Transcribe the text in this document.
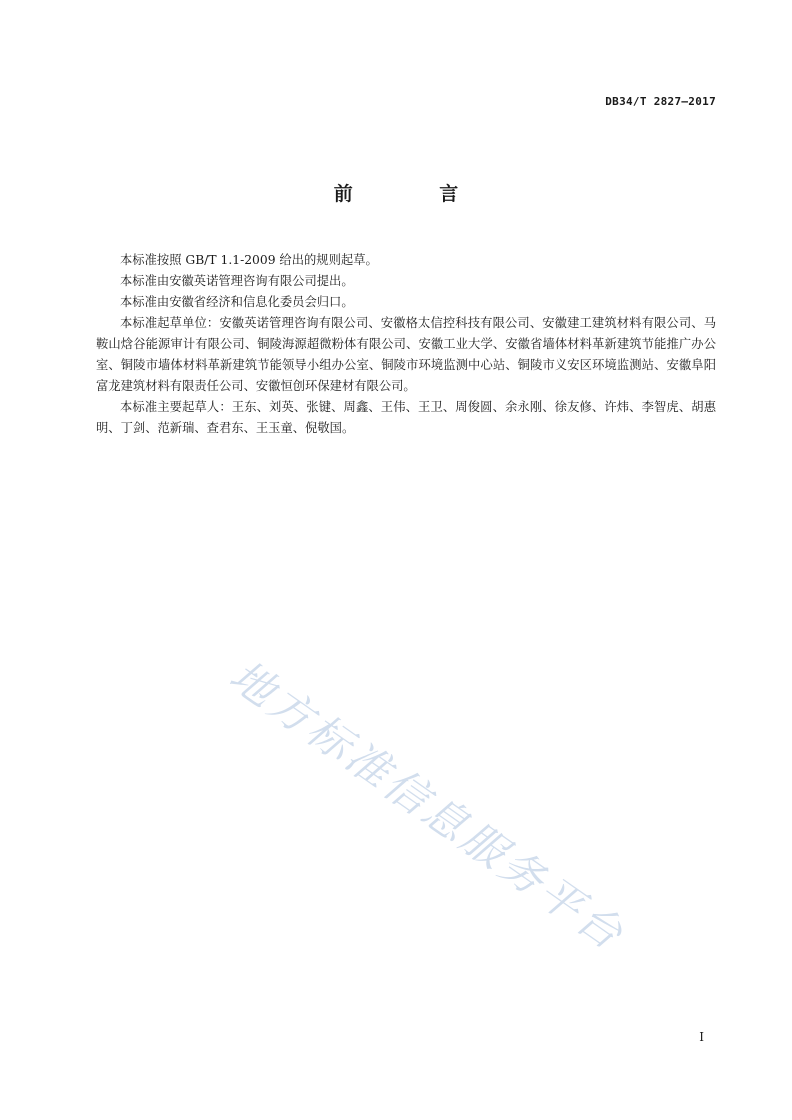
DB34/T 2827—2017
前 言

本标准按照 GB/T 1.1-2009 给出的规则起草。

本标准由安徽英诺管理咨询有限公司提出。

本标准由安徽省经济和信息化委员会归口。

本标准起草单位：安徽英诺管理咨询有限公司、安徽格太信控科技有限公司、安徽建工建筑材料有限公司、马鞍山焓谷能源审计有限公司、铜陵海源超微粉体有限公司、安徽工业大学、安徽省墙体材料革新建筑节能推广办公室、铜陵市墙体材料革新建筑节能领导小组办公室、铜陵市环境监测中心站、铜陵市义安区环境监测站、安徽阜阳富龙建筑材料有限责任公司、安徽恒创环保建材有限公司。

本标准主要起草人：王东、刘英、张键、周鑫、王伟、王卫、周俊圆、余永刚、徐友修、许炜、李智虎、胡惠明、丁剑、范新瑞、查君东、王玉童、倪敬国。

地方标准信息服务平台
I
